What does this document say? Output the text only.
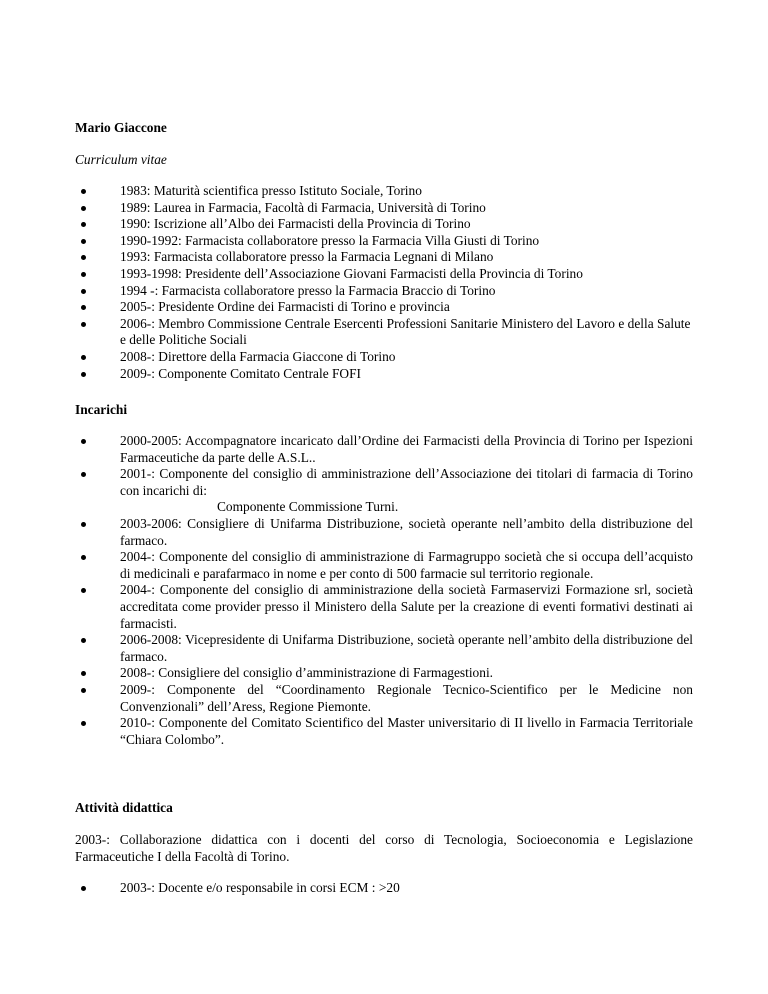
Mario Giaccone

Curriculum vitae

1983: Maturità scientifica presso Istituto Sociale, Torino
1989: Laurea in Farmacia, Facoltà di Farmacia, Università di Torino
1990: Iscrizione all’Albo dei Farmacisti della Provincia di Torino
1990-1992: Farmacista collaboratore presso la Farmacia Villa Giusti di Torino
1993: Farmacista collaboratore presso la Farmacia Legnani di Milano
1993-1998: Presidente dell’Associazione Giovani Farmacisti della Provincia di Torino
1994 -: Farmacista collaboratore presso la Farmacia Braccio di Torino
2005-: Presidente Ordine dei Farmacisti di Torino e provincia
2006-: Membro Commissione Centrale Esercenti Professioni Sanitarie Ministero del Lavoro e della Salute e delle Politiche Sociali
2008-: Direttore della Farmacia Giaccone di Torino
2009-: Componente Comitato Centrale FOFI

Incarichi

2000-2005: Accompagnatore incaricato dall’Ordine dei Farmacisti della Provincia di Torino per Ispezioni Farmaceutiche da parte delle A.S.L..
2001-: Componente del consiglio di amministrazione dell’Associazione dei titolari di farmacia di Torino con incarichi di:
Componente Commissione Turni.
2003-2006: Consigliere di Unifarma Distribuzione, società operante nell’ambito della distribuzione del farmaco.
2004-: Componente del consiglio di amministrazione di Farmagruppo società che si occupa dell’acquisto di medicinali e parafarmaco in nome e per conto di 500 farmacie sul territorio regionale.
2004-: Componente del consiglio di amministrazione della società Farmaservizi Formazione srl, società accreditata come provider presso il Ministero della Salute per la creazione di eventi formativi destinati ai farmacisti.
2006-2008: Vicepresidente di Unifarma Distribuzione, società operante nell’ambito della distribuzione del farmaco.
2008-: Consigliere del consiglio d’amministrazione di Farmagestioni.
2009-: Componente del “Coordinamento Regionale Tecnico-Scientifico per le Medicine non Convenzionali” dell’Aress, Regione Piemonte.
2010-: Componente del Comitato Scientifico del Master universitario di II livello in Farmacia Territoriale “Chiara Colombo”.

Attività didattica

2003-: Collaborazione didattica con i docenti del corso di Tecnologia, Socioeconomia e Legislazione Farmaceutiche I della Facoltà di Torino.

2003-: Docente e/o responsabile in corsi ECM : >20
